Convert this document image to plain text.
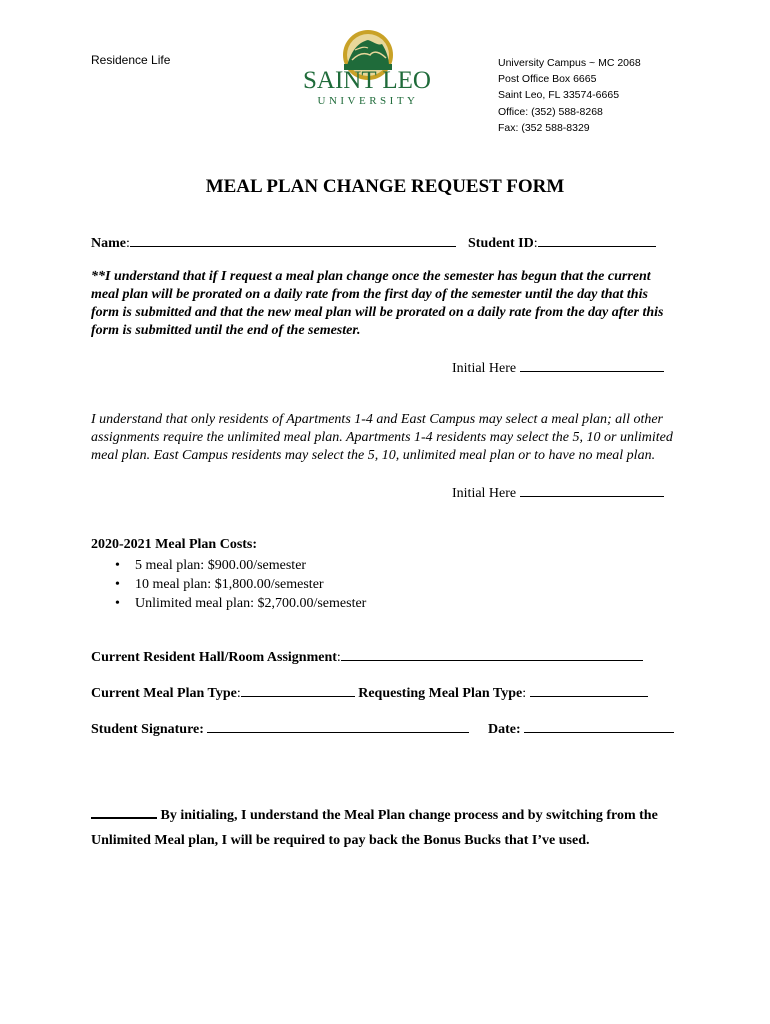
Residence Life
SAINT LEO
UNIVERSITY
University Campus ~ MC 2068
Post Office Box 6665
Saint Leo, FL 33574-6665
Office: (352) 588-8268
Fax: (352 588-8329
MEAL PLAN CHANGE REQUEST FORM
Name:	Student ID:
**I understand that if I request a meal plan change once the semester has begun that the current meal plan will be prorated on a daily rate from the first day of the semester until the day that this form is submitted and that the new meal plan will be prorated on a daily rate from the day after this form is submitted until the end of the semester.
Initial Here
I understand that only residents of Apartments 1-4 and East Campus may select a meal plan; all other assignments require the unlimited meal plan. Apartments 1-4 residents may select the 5, 10 or unlimited meal plan. East Campus residents may select the 5, 10, unlimited meal plan or to have no meal plan.
Initial Here
2020-2021 Meal Plan Costs:
• 5 meal plan: $900.00/semester
• 10 meal plan: $1,800.00/semester
• Unlimited meal plan: $2,700.00/semester
Current Resident Hall/Room Assignment:
Current Meal Plan Type:	Requesting Meal Plan Type:
Student Signature:	Date:
By initialing, I understand the Meal Plan change process and by switching from the Unlimited Meal plan, I will be required to pay back the Bonus Bucks that I’ve used.
